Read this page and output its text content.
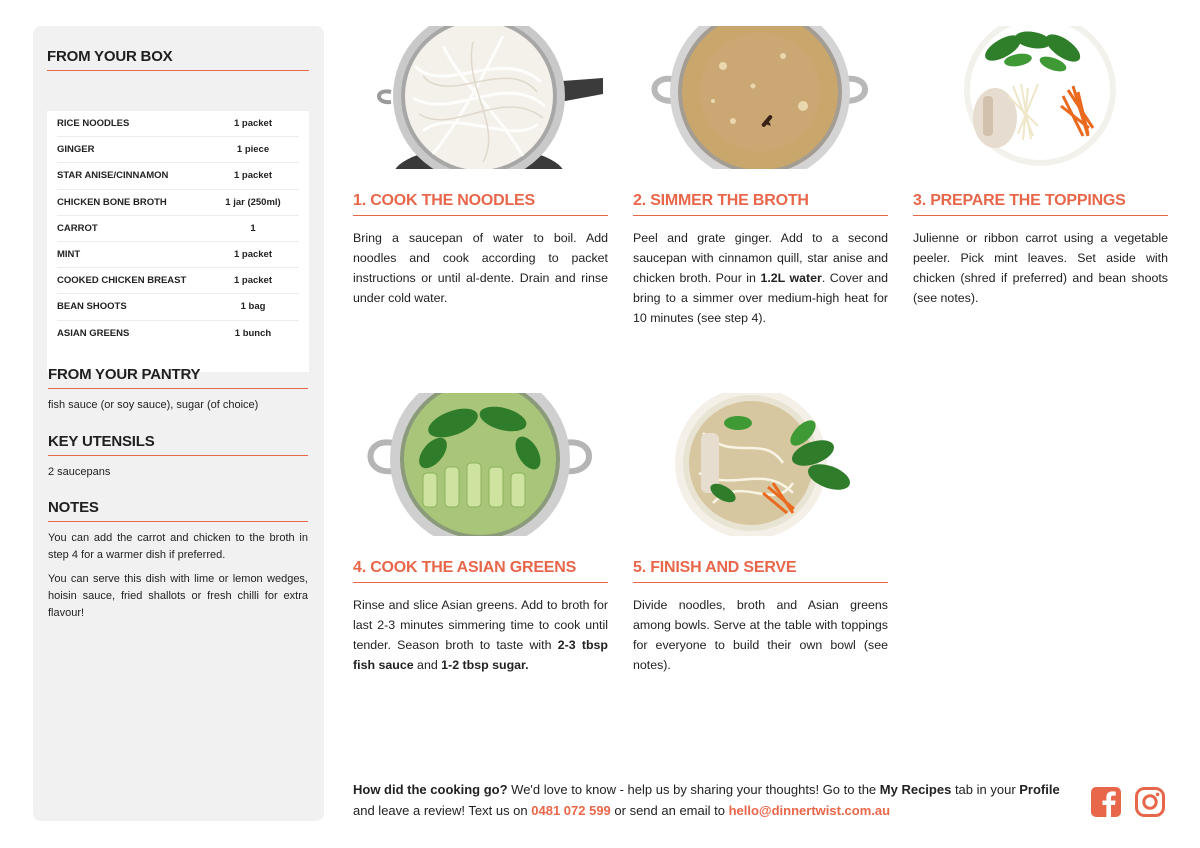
FROM YOUR BOX
RICE NOODLES	1 packet
GINGER	1 piece
STAR ANISE/CINNAMON	1 packet
CHICKEN BONE BROTH	1 jar (250ml)
CARROT	1
MINT	1 packet
COOKED CHICKEN BREAST	1 packet
BEAN SHOOTS	1 bag
ASIAN GREENS	1 bunch
FROM YOUR PANTRY
fish sauce (or soy sauce), sugar (of choice)
KEY UTENSILS
2 saucepans
NOTES
You can add the carrot and chicken to the broth in step 4 for a warmer dish if preferred.
You can serve this dish with lime or lemon wedges, hoisin sauce, fried shallots or fresh chilli for extra flavour!
1. COOK THE NOODLES
Bring a saucepan of water to boil. Add noodles and cook according to packet instructions or until al-dente. Drain and rinse under cold water.
2. SIMMER THE BROTH
Peel and grate ginger. Add to a second saucepan with cinnamon quill, star anise and chicken broth. Pour in 1.2L water. Cover and bring to a simmer over medium-high heat for 10 minutes (see step 4).
3. PREPARE THE TOPPINGS
Julienne or ribbon carrot using a vegetable peeler. Pick mint leaves. Set aside with chicken (shred if preferred) and bean shoots (see notes).
4. COOK THE ASIAN GREENS
Rinse and slice Asian greens. Add to broth for last 2-3 minutes simmering time to cook until tender. Season broth to taste with 2-3 tbsp fish sauce and 1-2 tbsp sugar.
5. FINISH AND SERVE
Divide noodles, broth and Asian greens among bowls. Serve at the table with toppings for everyone to build their own bowl (see notes).
How did the cooking go? We'd love to know - help us by sharing your thoughts! Go to the My Recipes tab in your Profile and leave a review! Text us on 0481 072 599 or send an email to hello@dinnertwist.com.au
